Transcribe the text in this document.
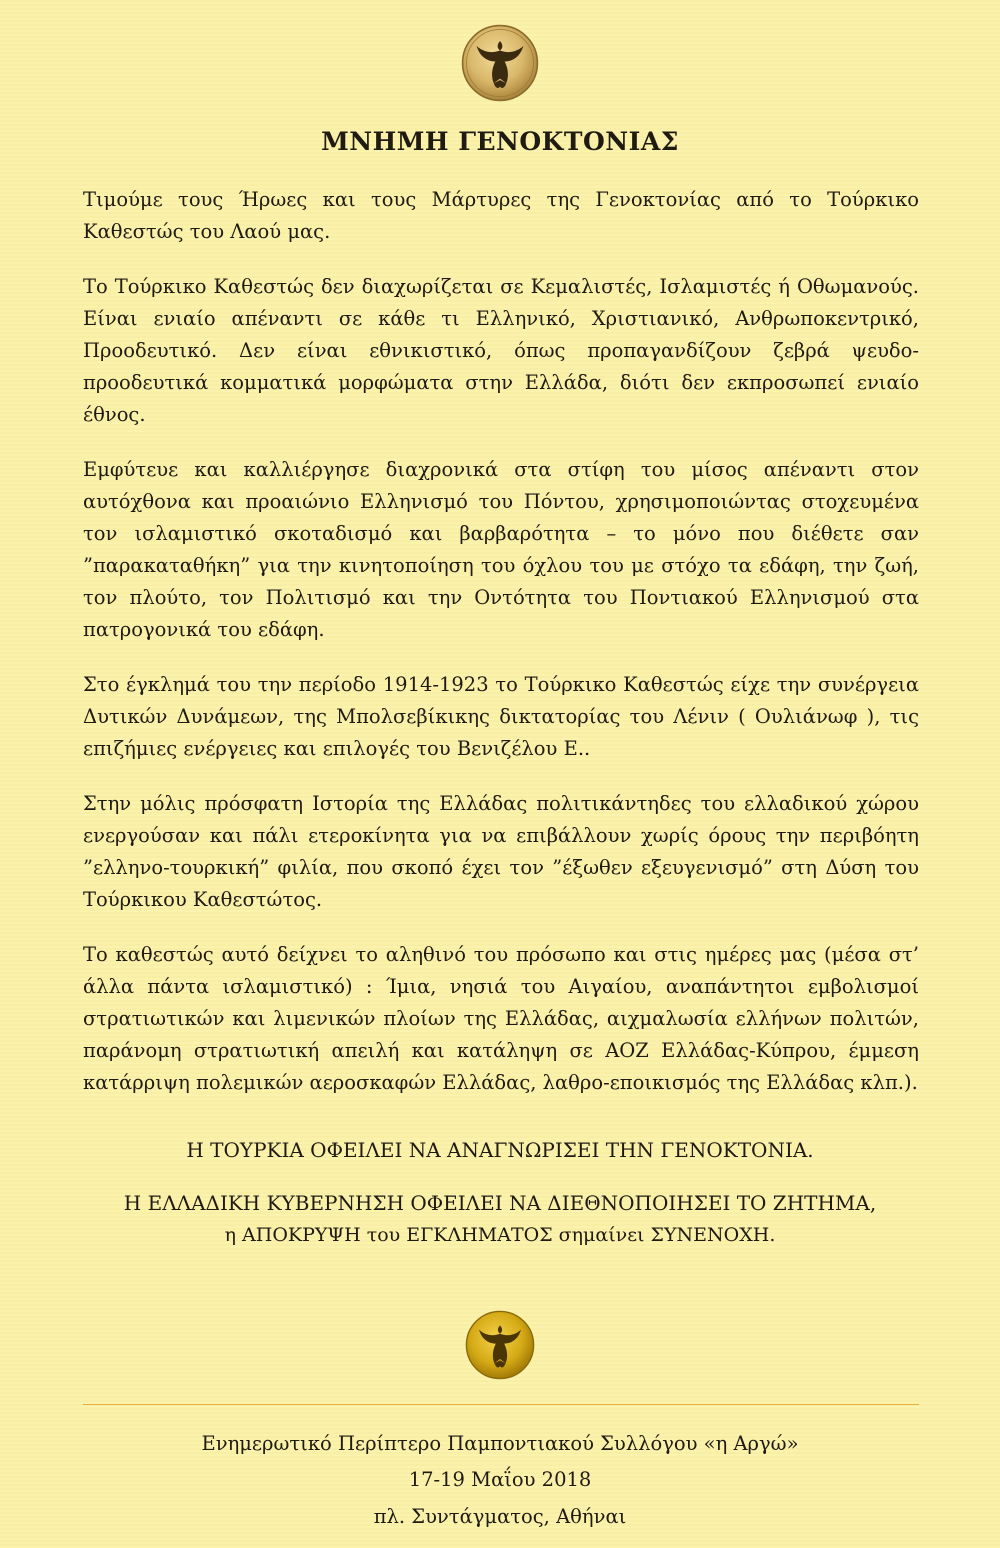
ΜΝΗΜΗ ΓΕΝΟΚΤΟΝΙΑΣ

Τιμούμε τους Ήρωες και τους Μάρτυρες της Γενοκτονίας από το Τούρκικο Καθεστώς του Λαού μας.

Το Τούρκικο Καθεστώς δεν διαχωρίζεται σε Κεμαλιστές, Ισλαμιστές ή Οθωμανούς. Είναι ενιαίο απέναντι σε κάθε τι Ελληνικό, Χριστιανικό, Ανθρωποκεντρικό, Προοδευτικό. Δεν είναι εθνικιστικό, όπως προπαγανδίζουν ζεβρά ψευδο-προοδευτικά κομματικά μορφώματα στην Ελλάδα, διότι δεν εκπροσωπεί ενιαίο έθνος.

Εμφύτευε και καλλιέργησε διαχρονικά στα στίφη του μίσος απέναντι στον αυτόχθονα και προαιώνιο Ελληνισμό του Πόντου, χρησιμοποιώντας στοχευμένα τον ισλαμιστικό σκοταδισμό και βαρβαρότητα – το μόνο που διέθετε σαν ”παρακαταθήκη” για την κινητοποίηση του όχλου του με στόχο τα εδάφη, την ζωή, τον πλούτο, τον Πολιτισμό και την Οντότητα του Ποντιακού Ελληνισμού στα πατρογονικά του εδάφη.

Στο έγκλημά του την περίοδο 1914-1923 το Τούρκικο Καθεστώς είχε την συνέργεια Δυτικών Δυνάμεων, της Μπολσεβίκικης δικτατορίας του Λένιν ( Ουλιάνωφ ), τις επιζήμιες ενέργειες και επιλογές του Βενιζέλου Ε..

Στην μόλις πρόσφατη Ιστορία της Ελλάδας πολιτικάντηδες του ελλαδικού χώρου ενεργούσαν και πάλι ετεροκίνητα για να επιβάλλουν χωρίς όρους την περιβόητη ”ελληνο-τουρκική” φιλία, που σκοπό έχει τον ”έξωθεν εξευγενισμό” στη Δύση του Τούρκικου Καθεστώτος.

Το καθεστώς αυτό δείχνει το αληθινό του πρόσωπο και στις ημέρες μας (μέσα στ’ άλλα πάντα ισλαμιστικό) : Ίμια, νησιά του Αιγαίου, αναπάντητοι εμβολισμοί στρατιωτικών και λιμενικών πλοίων της Ελλάδας, αιχμαλωσία ελλήνων πολιτών, παράνομη στρατιωτική απειλή και κατάληψη σε ΑΟΖ Ελλάδας-Κύπρου, έμμεση κατάρριψη πολεμικών αεροσκαφών Ελλάδας, λαθρο-εποικισμός της Ελλάδας κλπ.).

Η ΤΟΥΡΚΙΑ ΟΦΕΙΛΕΙ ΝΑ ΑΝΑΓΝΩΡΙΣΕΙ ΤΗΝ ΓΕΝΟΚΤΟΝΙΑ.

Η ΕΛΛΑΔΙΚΗ ΚΥΒΕΡΝΗΣΗ ΟΦΕΙΛΕΙ ΝΑ ΔΙΕΘΝΟΠΟΙΗΣΕΙ ΤΟ ΖΗΤΗΜΑ,

η ΑΠΟΚΡΥΨΗ του ΕΓΚΛΗΜΑΤΟΣ σημαίνει ΣΥΝΕΝΟΧΗ.

Ενημερωτικό Περίπτερο Παμποντιακού Συλλόγου «η Αργώ»

17-19 Μαΐου 2018

πλ. Συντάγματος, Αθήναι
